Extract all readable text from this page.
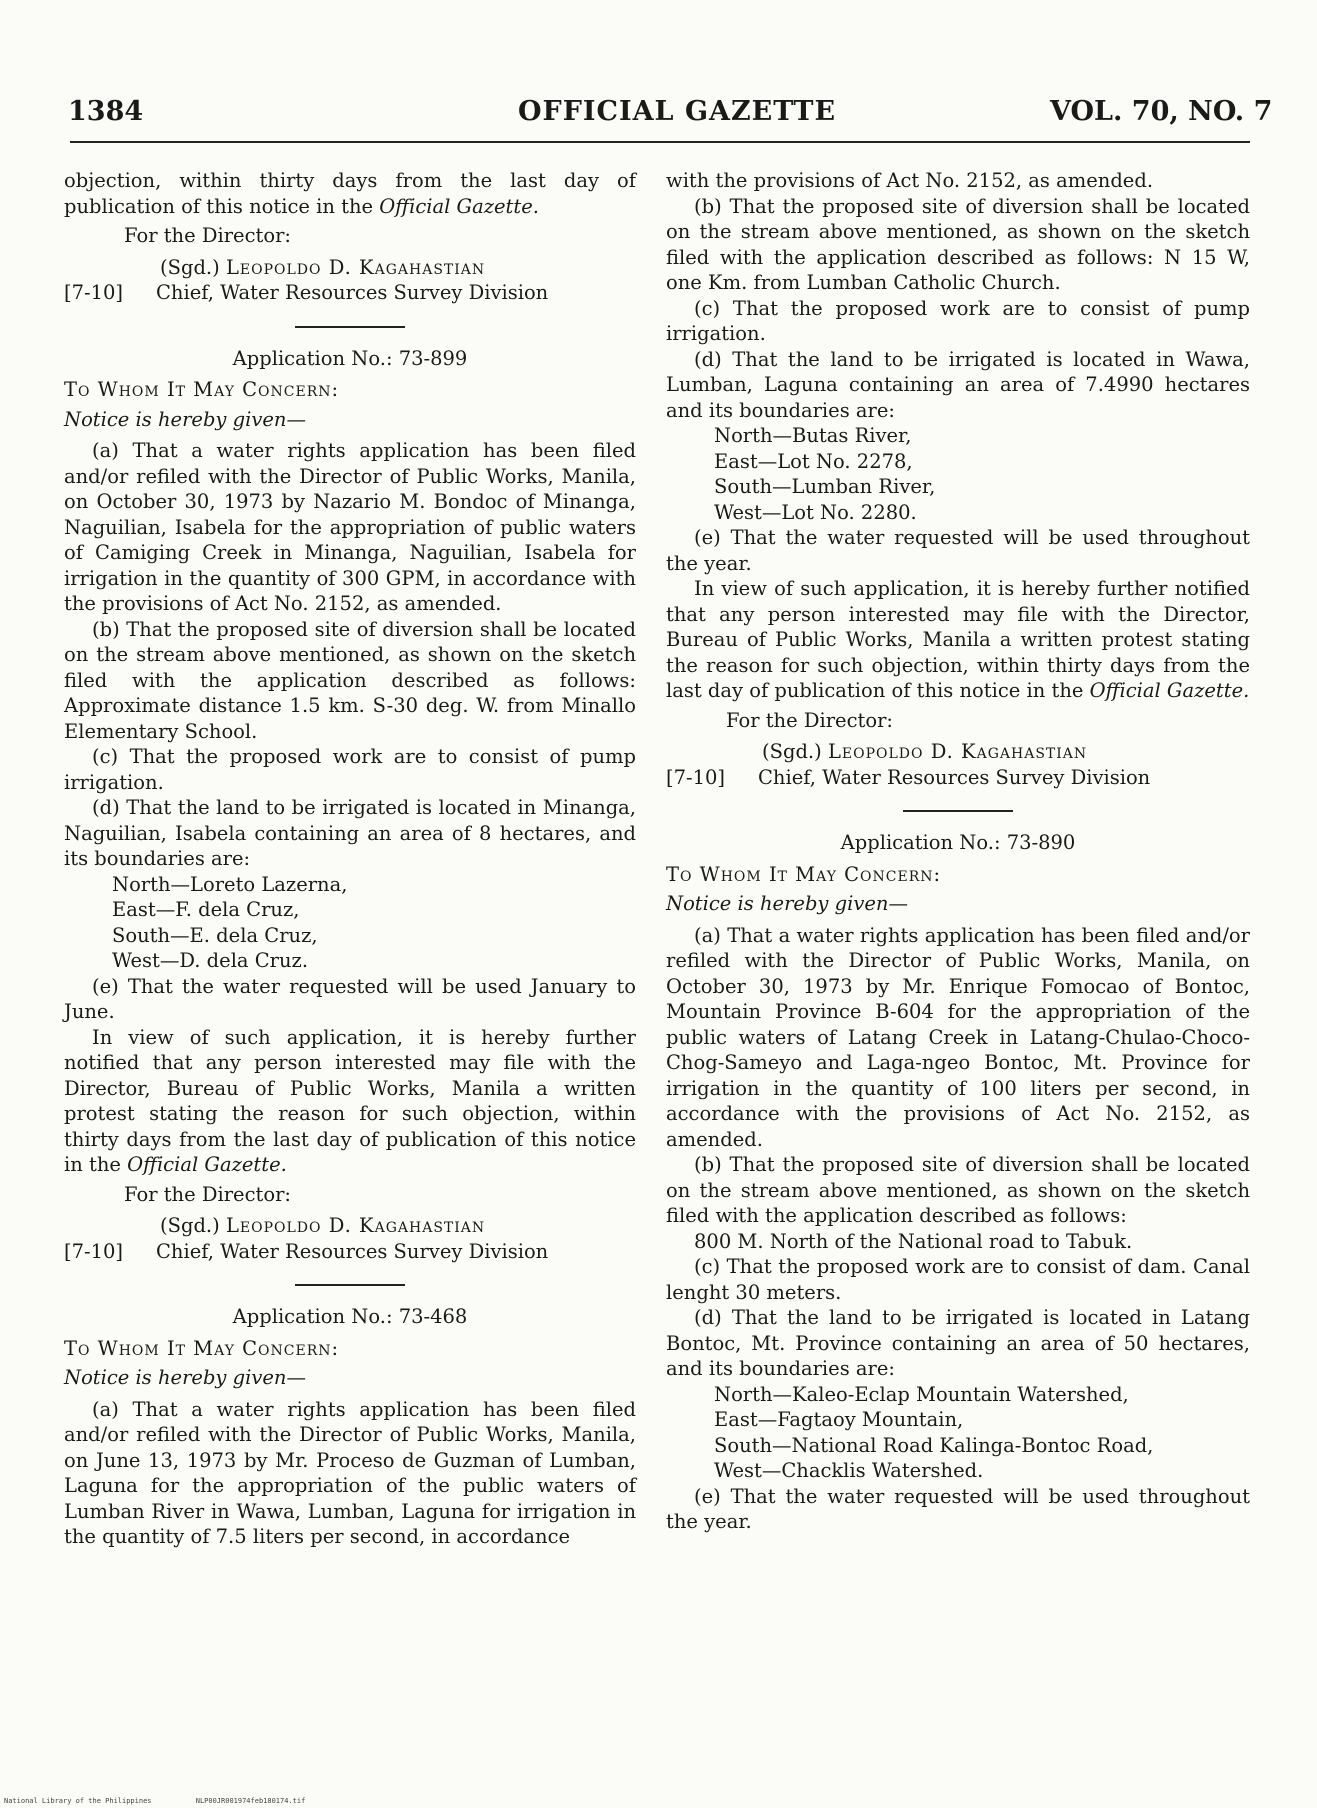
1384	OFFICIAL GAZETTE	VOL. 70, NO. 7

objection, within thirty days from the last day of publication of this notice in the Official Gazette.

For the Director:

(Sgd.) Leopoldo D. Kagahastian

[7-10]	Chief, Water Resources Survey Division

Application No.: 73-899

To Whom It May Concern:

Notice is hereby given—

(a) That a water rights application has been filed and/or refiled with the Director of Public Works, Manila, on October 30, 1973 by Nazario M. Bondoc of Minanga, Naguilian, Isabela for the appropriation of public waters of Camiging Creek in Minanga, Naguilian, Isabela for irrigation in the quantity of 300 GPM, in accordance with the provisions of Act No. 2152, as amended.

(b) That the proposed site of diversion shall be located on the stream above mentioned, as shown on the sketch filed with the application described as follows: Approximate distance 1.5 km. S-30 deg. W. from Minallo Elementary School.

(c) That the proposed work are to consist of pump irrigation.

(d) That the land to be irrigated is located in Minanga, Naguilian, Isabela containing an area of 8 hectares, and its boundaries are:

North—Loreto Lazerna,

East—F. dela Cruz,

South—E. dela Cruz,

West—D. dela Cruz.

(e) That the water requested will be used January to June.

In view of such application, it is hereby further notified that any person interested may file with the Director, Bureau of Public Works, Manila a written protest stating the reason for such objection, within thirty days from the last day of publication of this notice in the Official Gazette.

For the Director:

(Sgd.) Leopoldo D. Kagahastian

[7-10]	Chief, Water Resources Survey Division

Application No.: 73-468

To Whom It May Concern:

Notice is hereby given—

(a) That a water rights application has been filed and/or refiled with the Director of Public Works, Manila, on June 13, 1973 by Mr. Proceso de Guzman of Lumban, Laguna for the appropriation of the public waters of Lumban River in Wawa, Lumban, Laguna for irrigation in the quantity of 7.5 liters per second, in accordance

with the provisions of Act No. 2152, as amended.

(b) That the proposed site of diversion shall be located on the stream above mentioned, as shown on the sketch filed with the application described as follows: N 15 W, one Km. from Lumban Catholic Church.

(c) That the proposed work are to consist of pump irrigation.

(d) That the land to be irrigated is located in Wawa, Lumban, Laguna containing an area of 7.4990 hectares and its boundaries are:

North—Butas River,

East—Lot No. 2278,

South—Lumban River,

West—Lot No. 2280.

(e) That the water requested will be used throughout the year.

In view of such application, it is hereby further notified that any person interested may file with the Director, Bureau of Public Works, Manila a written protest stating the reason for such objection, within thirty days from the last day of publication of this notice in the Official Gazette.

For the Director:

(Sgd.) Leopoldo D. Kagahastian

[7-10]	Chief, Water Resources Survey Division

Application No.: 73-890

To Whom It May Concern:

Notice is hereby given—

(a) That a water rights application has been filed and/or refiled with the Director of Public Works, Manila, on October 30, 1973 by Mr. Enrique Fomocao of Bontoc, Mountain Province B-604 for the appropriation of the public waters of Latang Creek in Latang-Chulao-Choco-Chog-Sameyo and Laga-ngeo Bontoc, Mt. Province for irrigation in the quantity of 100 liters per second, in accordance with the provisions of Act No. 2152, as amended.

(b) That the proposed site of diversion shall be located on the stream above mentioned, as shown on the sketch filed with the application described as follows:

800 M. North of the National road to Tabuk.

(c) That the proposed work are to consist of dam. Canal lenght 30 meters.

(d) That the land to be irrigated is located in Latang Bontoc, Mt. Province containing an area of 50 hectares, and its boundaries are:

North—Kaleo-Eclap Mountain Watershed,

East—Fagtaoy Mountain,

South—National Road Kalinga-Bontoc Road,

West—Chacklis Watershed.

(e) That the water requested will be used throughout the year.

National Library of the Philippines	NLP00JR001974feb180174.tif
